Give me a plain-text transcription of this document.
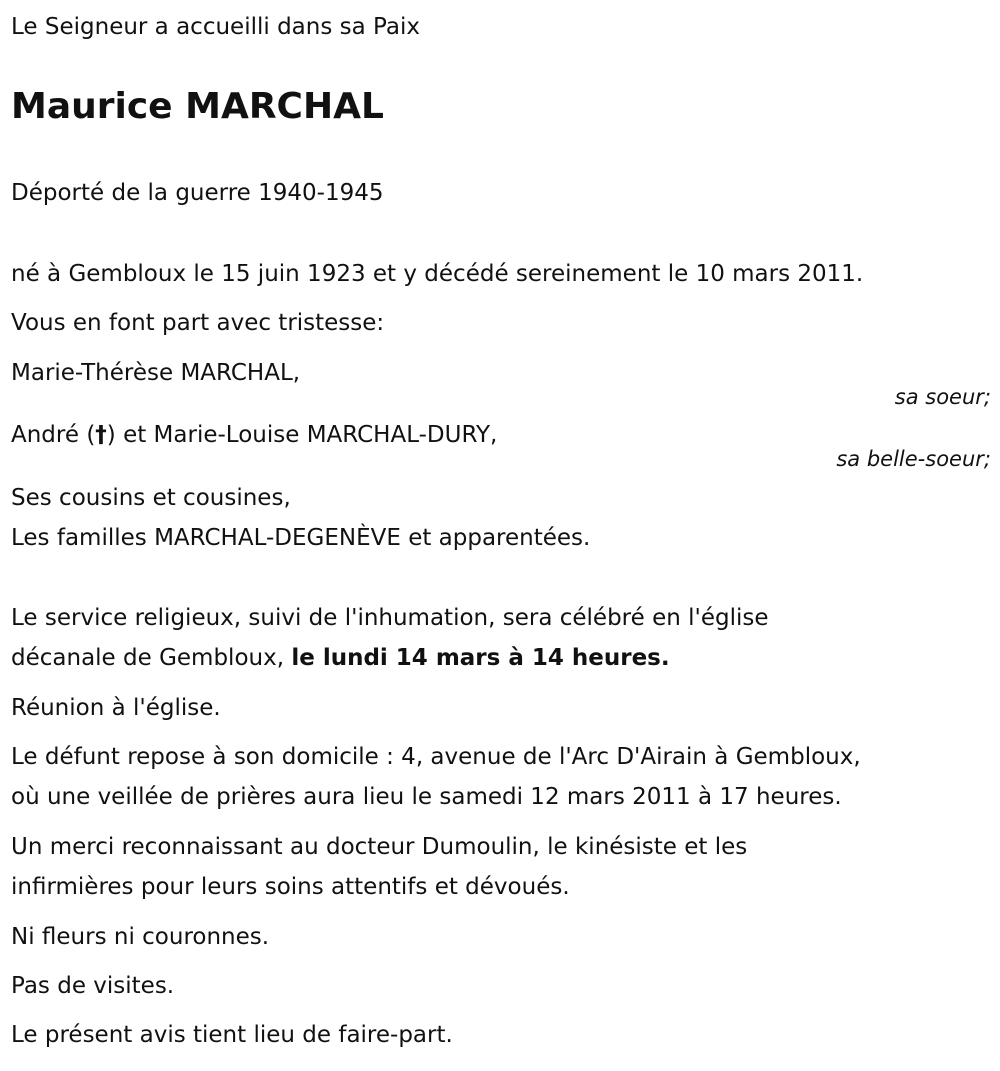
Le Seigneur a accueilli dans sa Paix
Maurice MARCHAL
Déporté de la guerre 1940-1945
né à Gembloux le 15 juin 1923 et y décédé sereinement le 10 mars 2011.
Vous en font part avec tristesse:
Marie-Thérèse MARCHAL,
sa soeur;
André (†) et Marie-Louise MARCHAL-DURY,
sa belle-soeur;
Ses cousins et cousines,
Les familles MARCHAL-DEGENÈVE et apparentées.
Le service religieux, suivi de l'inhumation, sera célébré en l'église
décanale de Gembloux, le lundi 14 mars à 14 heures.
Réunion à l'église.
Le défunt repose à son domicile : 4, avenue de l'Arc D'Airain à Gembloux,
où une veillée de prières aura lieu le samedi 12 mars 2011 à 17 heures.
Un merci reconnaissant au docteur Dumoulin, le kinésiste et les
infirmières pour leurs soins attentifs et dévoués.
Ni fleurs ni couronnes.
Pas de visites.
Le présent avis tient lieu de faire-part.
